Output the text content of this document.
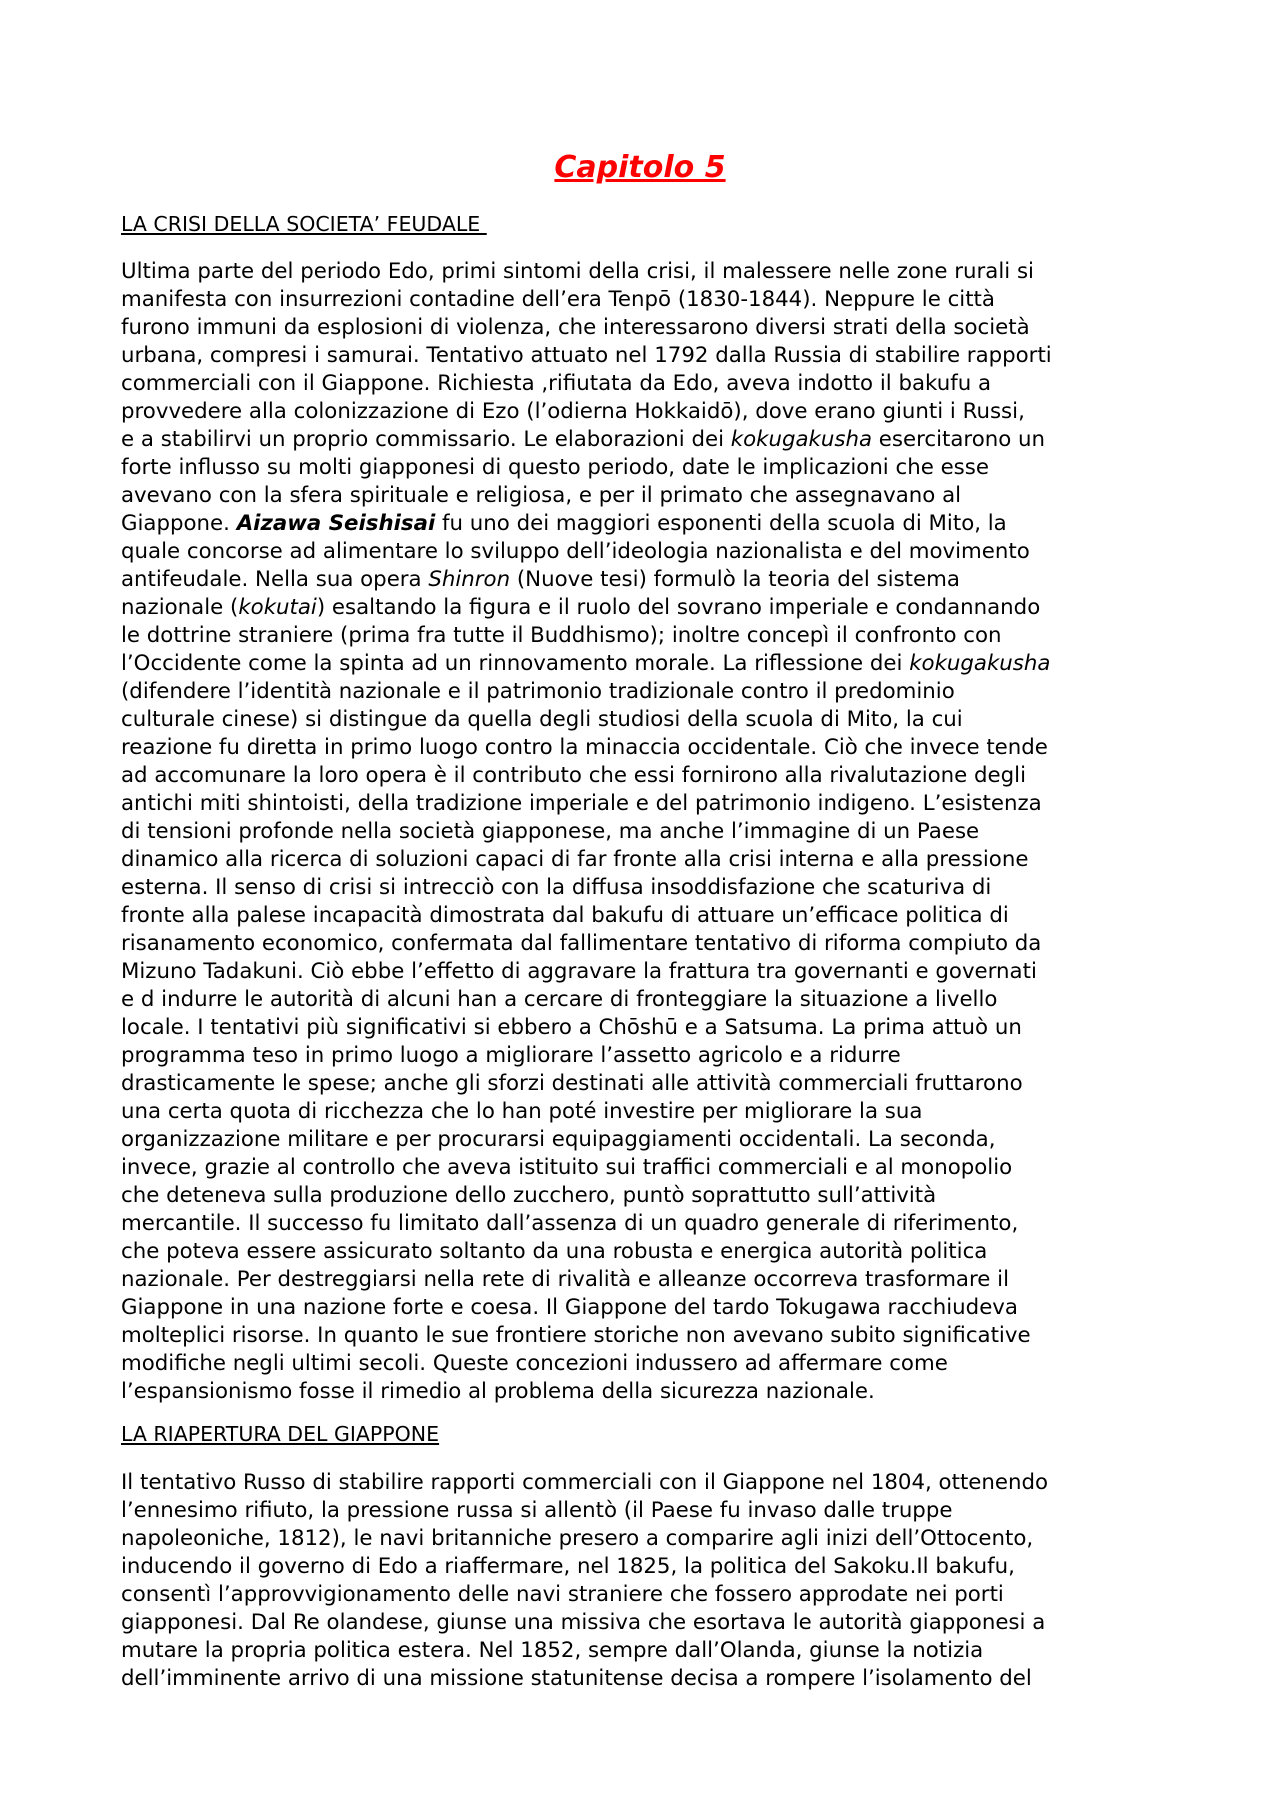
Capitolo 5
LA CRISI DELLA SOCIETA’ FEUDALE
Ultima parte del periodo Edo, primi sintomi della crisi, il malessere nelle zone rurali si
manifesta con insurrezioni contadine dell’era Tenpō (1830-1844). Neppure le città
furono immuni da esplosioni di violenza, che interessarono diversi strati della società
urbana, compresi i samurai. Tentativo attuato nel 1792 dalla Russia di stabilire rapporti
commerciali con il Giappone. Richiesta ,rifiutata da Edo, aveva indotto il bakufu a
provvedere alla colonizzazione di Ezo (l’odierna Hokkaidō), dove erano giunti i Russi,
e a stabilirvi un proprio commissario. Le elaborazioni dei kokugakusha esercitarono un
forte influsso su molti giapponesi di questo periodo, date le implicazioni che esse
avevano con la sfera spirituale e religiosa, e per il primato che assegnavano al
Giappone. Aizawa Seishisai fu uno dei maggiori esponenti della scuola di Mito, la
quale concorse ad alimentare lo sviluppo dell’ideologia nazionalista e del movimento
antifeudale. Nella sua opera Shinron (Nuove tesi) formulò la teoria del sistema
nazionale (kokutai) esaltando la figura e il ruolo del sovrano imperiale e condannando
le dottrine straniere (prima fra tutte il Buddhismo); inoltre concepì il confronto con
l’Occidente come la spinta ad un rinnovamento morale. La riflessione dei kokugakusha
(difendere l’identità nazionale e il patrimonio tradizionale contro il predominio
culturale cinese) si distingue da quella degli studiosi della scuola di Mito, la cui
reazione fu diretta in primo luogo contro la minaccia occidentale. Ciò che invece tende
ad accomunare la loro opera è il contributo che essi fornirono alla rivalutazione degli
antichi miti shintoisti, della tradizione imperiale e del patrimonio indigeno. L’esistenza
di tensioni profonde nella società giapponese, ma anche l’immagine di un Paese
dinamico alla ricerca di soluzioni capaci di far fronte alla crisi interna e alla pressione
esterna. Il senso di crisi si intrecciò con la diffusa insoddisfazione che scaturiva di
fronte alla palese incapacità dimostrata dal bakufu di attuare un’efficace politica di
risanamento economico, confermata dal fallimentare tentativo di riforma compiuto da
Mizuno Tadakuni. Ciò ebbe l’effetto di aggravare la frattura tra governanti e governati
e d indurre le autorità di alcuni han a cercare di fronteggiare la situazione a livello
locale. I tentativi più significativi si ebbero a Chōshū e a Satsuma. La prima attuò un
programma teso in primo luogo a migliorare l’assetto agricolo e a ridurre
drasticamente le spese; anche gli sforzi destinati alle attività commerciali fruttarono
una certa quota di ricchezza che lo han poté investire per migliorare la sua
organizzazione militare e per procurarsi equipaggiamenti occidentali. La seconda,
invece, grazie al controllo che aveva istituito sui traffici commerciali e al monopolio
che deteneva sulla produzione dello zucchero, puntò soprattutto sull’attività
mercantile. Il successo fu limitato dall’assenza di un quadro generale di riferimento,
che poteva essere assicurato soltanto da una robusta e energica autorità politica
nazionale. Per destreggiarsi nella rete di rivalità e alleanze occorreva trasformare il
Giappone in una nazione forte e coesa. Il Giappone del tardo Tokugawa racchiudeva
molteplici risorse. In quanto le sue frontiere storiche non avevano subito significative
modifiche negli ultimi secoli. Queste concezioni indussero ad affermare come
l’espansionismo fosse il rimedio al problema della sicurezza nazionale.
LA RIAPERTURA DEL GIAPPONE
Il tentativo Russo di stabilire rapporti commerciali con il Giappone nel 1804, ottenendo
l’ennesimo rifiuto, la pressione russa si allentò (il Paese fu invaso dalle truppe
napoleoniche, 1812), le navi britanniche presero a comparire agli inizi dell’Ottocento,
inducendo il governo di Edo a riaffermare, nel 1825, la politica del Sakoku.Il bakufu,
consentì l’approvvigionamento delle navi straniere che fossero approdate nei porti
giapponesi. Dal Re olandese, giunse una missiva che esortava le autorità giapponesi a
mutare la propria politica estera. Nel 1852, sempre dall’Olanda, giunse la notizia
dell’imminente arrivo di una missione statunitense decisa a rompere l’isolamento del
